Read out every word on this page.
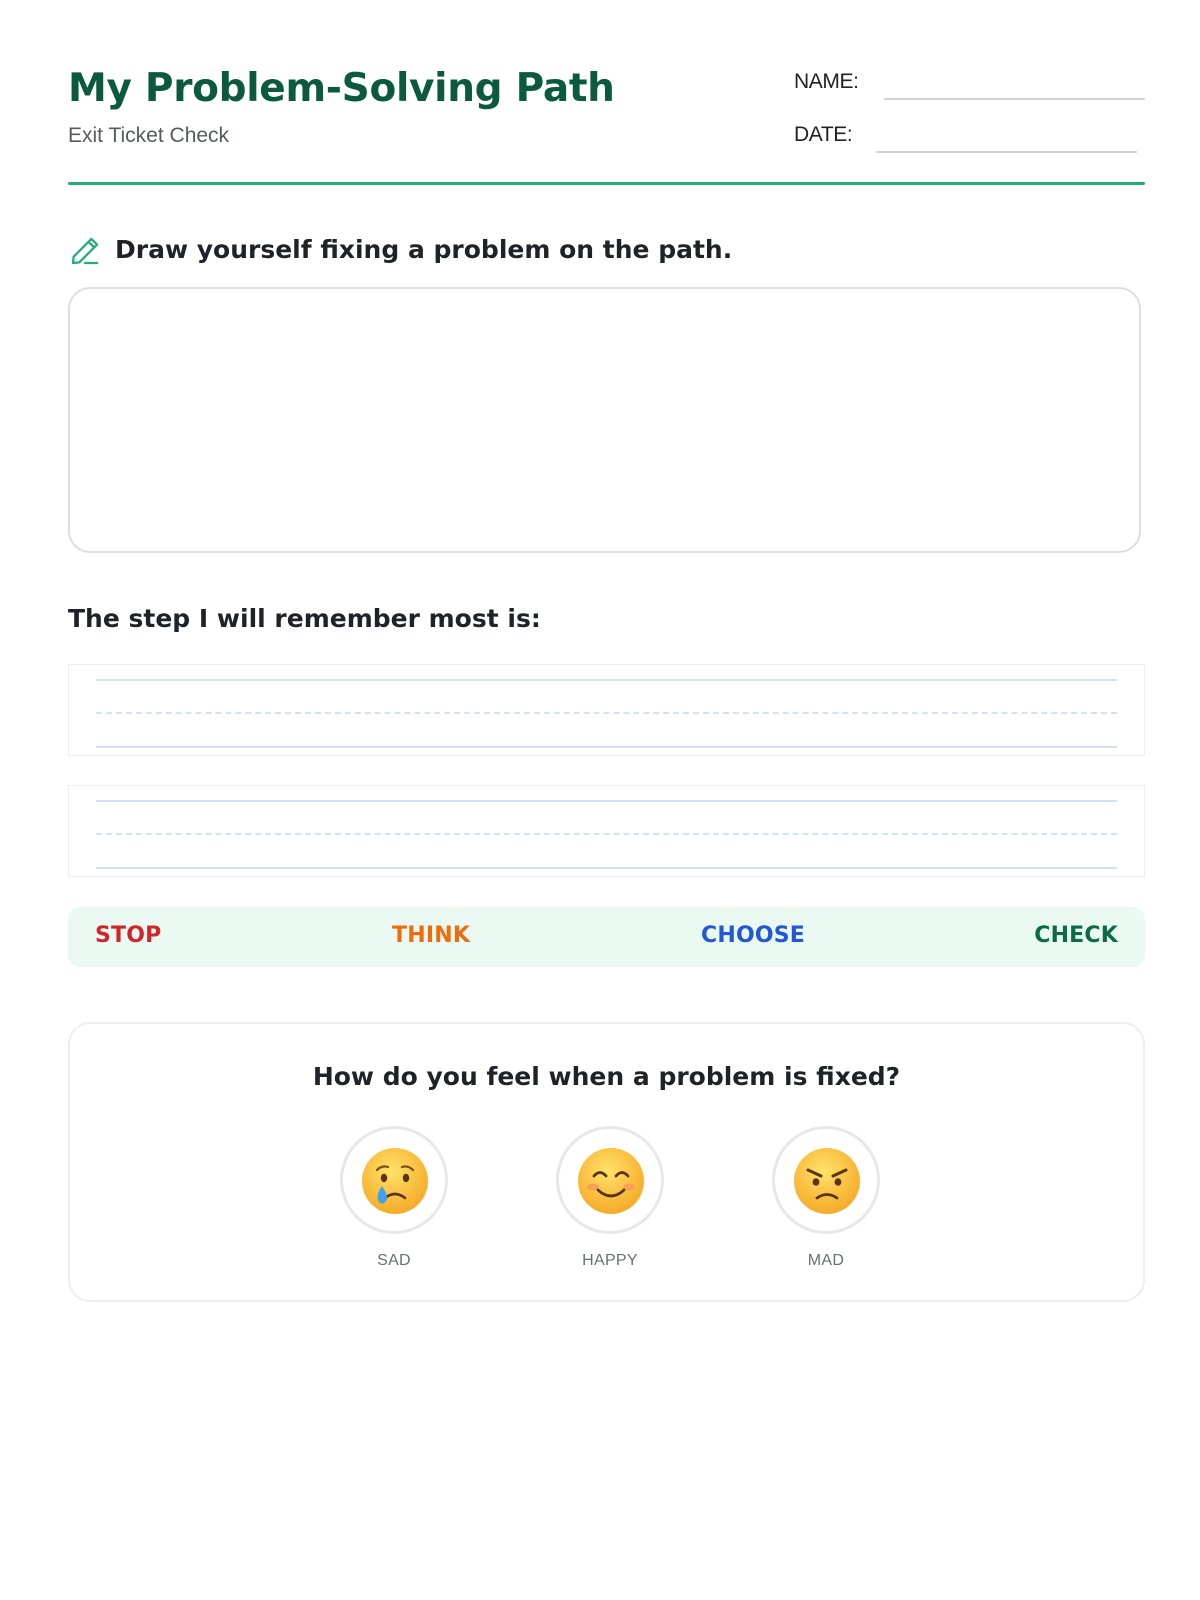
My Problem-Solving Path
Exit Ticket Check
NAME:
DATE:
Draw yourself fixing a problem on the path.
The step I will remember most is:
STOP	THINK	CHOOSE	CHECK
How do you feel when a problem is fixed?
SAD	HAPPY	MAD
